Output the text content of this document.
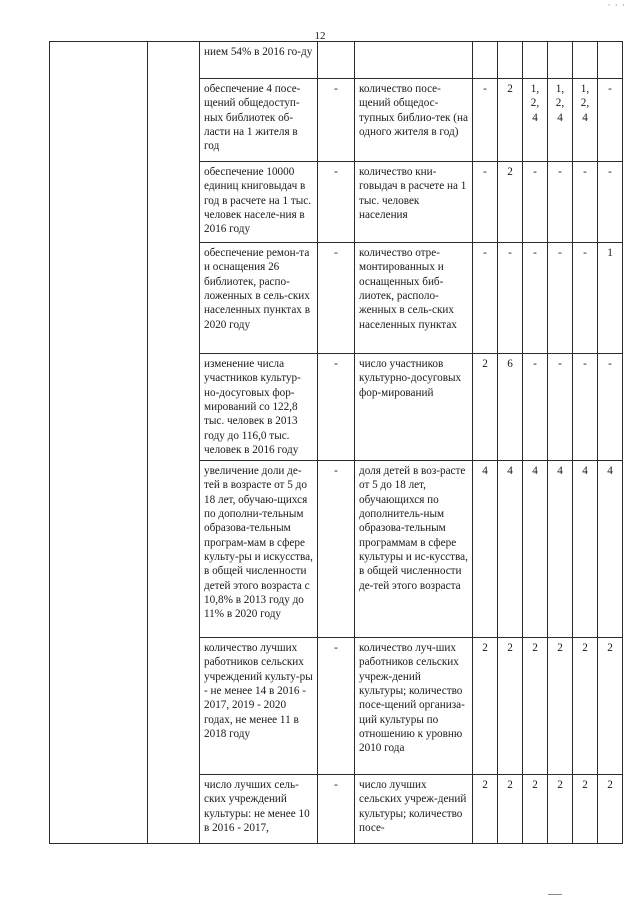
· · ·
12
		нием 54% в 2016 го-ду								
		обеспечение 4 посе-щений общедоступ-ных библиотек об-ласти на 1 жителя в год	-	количество посе-щений общедос-тупных библио-тек (на одного жителя в год)	-	2	1, 2, 4	1, 2, 4	1, 2, 4	-
		обеспечение 10000 единиц книговыдач в год в расчете на 1 тыс. человек населе-ния в 2016 году	-	количество кни-говыдач в расчете на 1 тыс. человек населения	-	2	-	-	-	-
		обеспечение ремон-та и оснащения 26 библиотек, распо-ложенных в сель-ских населенных пунктах в 2020 году	-	количество отре-монтированных и оснащенных биб-лиотек, располо-женных в сель-ских населенных пунктах	-	-	-	-	-	1
		изменение числа участников культур-но-досуговых фор-мирований со 122,8 тыс. человек в 2013 году до 116,0 тыс. человек в 2016 году	-	число участников культурно-досуговых фор-мирований	2	6	-	-	-	-
		увеличение доли де-тей в возрасте от 5 до 18 лет, обучаю-щихся по дополни-тельным образова-тельным програм-мам в сфере культу-ры и искусства, в общей численности детей этого возраста с 10,8% в 2013 году до 11% в 2020 году	-	доля детей в воз-расте от 5 до 18 лет, обучающихся по дополнитель-ным образова-тельным программам в сфере культуры и ис-кусства, в общей численности де-тей этого возраста	4	4	4	4	4	4
		количество лучших работников сельских учреждений культу-ры - не менее 14 в 2016 - 2017, 2019 - 2020 годах, не менее 11 в 2018 году	-	количество луч-ших работников сельских учреж-дений культуры; количество посе-щений организа-ций культуры по отношению к уровню 2010 года	2	2	2	2	2	2
		число лучших сель-ских учреждений культуры: не менее 10 в 2016 - 2017,	-	число лучших сельских учреж-дений культуры; количество посе-	2	2	2	2	2	2
